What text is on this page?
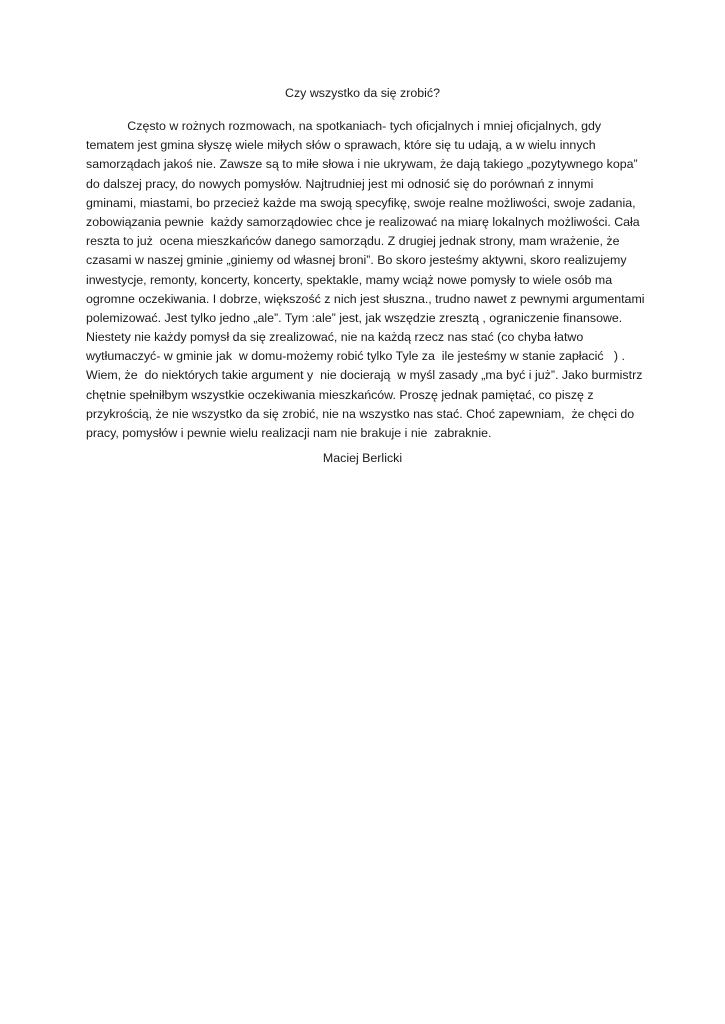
Czy wszystko da się zrobić?
Często w rożnych rozmowach, na spotkaniach- tych oficjalnych i mniej oficjalnych, gdy
tematem jest gmina słyszę wiele miłych słów o sprawach, które się tu udają, a w wielu innych
samorządach jakoś nie. Zawsze są to miłe słowa i nie ukrywam, że dają takiego „pozytywnego kopa”
do dalszej pracy, do nowych pomysłów. Najtrudniej jest mi odnosić się do porównań z innymi
gminami, miastami, bo przecież każde ma swoją specyfikę, swoje realne możliwości, swoje zadania,
zobowiązania pewnie  każdy samorządowiec chce je realizować na miarę lokalnych możliwości. Cała
reszta to już  ocena mieszkańców danego samorządu. Z drugiej jednak strony, mam wrażenie, że
czasami w naszej gminie „giniemy od własnej broni”. Bo skoro jesteśmy aktywni, skoro realizujemy
inwestycje, remonty, koncerty, koncerty, spektakle, mamy wciąż nowe pomysły to wiele osób ma
ogromne oczekiwania. I dobrze, większość z nich jest słuszna., trudno nawet z pewnymi argumentami
polemizować. Jest tylko jedno „ale”. Tym :ale” jest, jak wszędzie zresztą , ograniczenie finansowe.
Niestety nie każdy pomysł da się zrealizować, nie na każdą rzecz nas stać (co chyba łatwo
wytłumaczyć- w gminie jak  w domu-możemy robić tylko Tyle za  ile jesteśmy w stanie zapłacić   ) .
Wiem, że  do niektórych takie argument y  nie docierają  w myśl zasady „ma być i już”. Jako burmistrz
chętnie spełniłbym wszystkie oczekiwania mieszkańców. Proszę jednak pamiętać, co piszę z
przykrością, że nie wszystko da się zrobić, nie na wszystko nas stać. Choć zapewniam,  że chęci do
pracy, pomysłów i pewnie wielu realizacji nam nie brakuje i nie  zabraknie.
Maciej Berlicki
